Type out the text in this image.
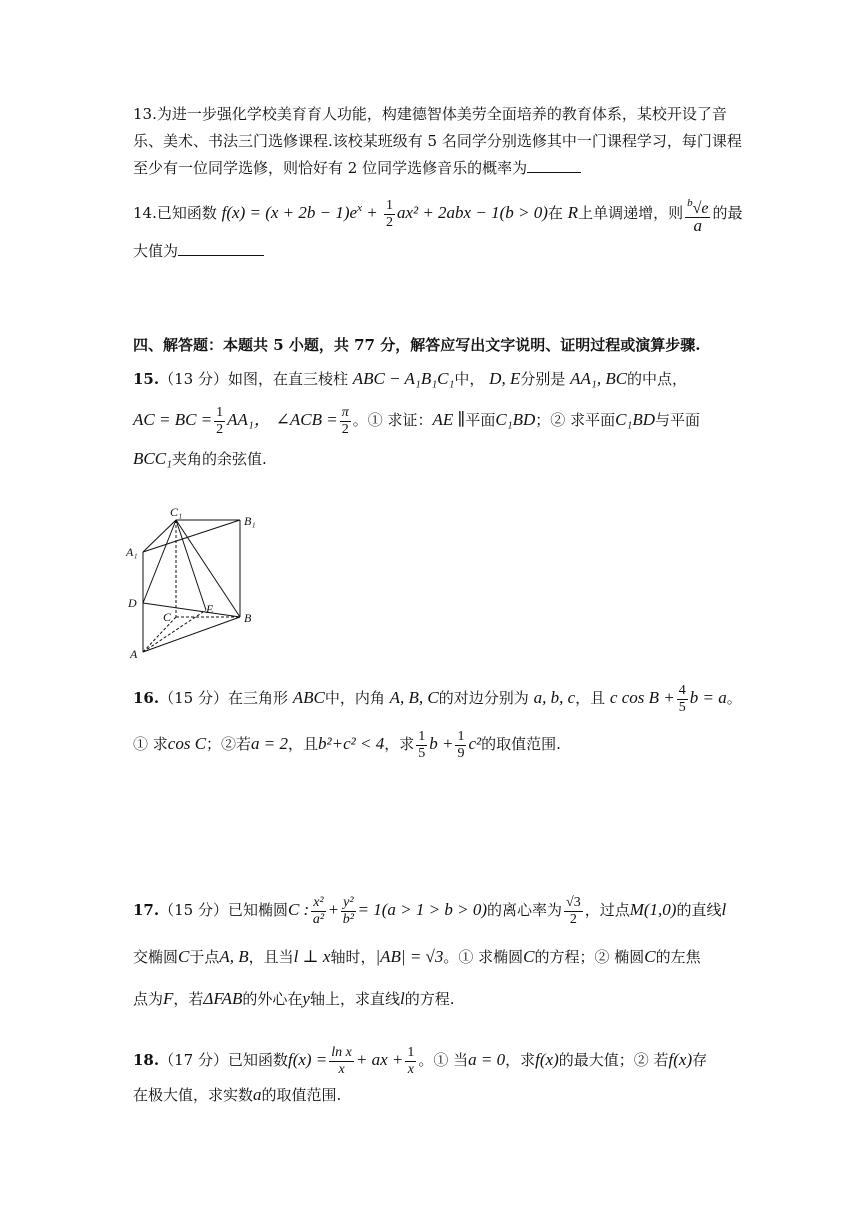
13.为进一步强化学校美育育人功能，构建德智体美劳全面培养的教育体系，某校开设了音
乐、美术、书法三门选修课程.该校某班级有 5 名同学分别选修其中一门课程学习，每门课程
至少有一位同学选修，则恰好有 2 位同学选修音乐的概率为
14.已知函数 $f(x) = (x + 2b - 1)e^x + \frac{1}{2} ax^2 + 2abx - 1(b > 0)$在 R上单调递增，则 $\frac{^b√e}{a}$ 的最
大值为
四、解答题：本题共 5 小题，共 77 分，解答应写出文字说明、证明过程或演算步骤.
15.（13 分）如图，在直三棱柱 ABC − A₁B₁C₁中， D, E分别是 AA₁, BC的中点，
AC = BC = $\frac{1}{2} AA_1$， ∠ACB = $\frac{\pi}{2}$ 。① 求证：AE ∥平面C₁BD；② 求平面C₁BD与平面
BCC₁夹角的余弦值.
C₁
B₁
A₁
D
C
E
B
A
16.（15 分）在三角形 ABC中，内角 A, B, C的对边分别为 a, b, c，且 c $\cos B + \frac{4}{5}$ b = a。
① 求cos C；②若a = 2，且b²+c² < 4，求 $\frac{1}{5}$ $b + \frac{1}{9} c^2$的取值范围.
17.（15 分）已知椭圆C : $\frac{\text{x²}}{\text{a²}} + \frac{\text{y²}}{\text{b²}} = 1(a > 1 > b > 0)$的离心率为 $\frac{√3}{2}$ ，过点M(1,0)的直线l
交椭圆C于点A, B，且当l ⊥ x轴时，|AB| = √3。① 求椭圆C的方程；② 椭圆C的左焦
点为F，若ΔFAB的外心在y轴上，求直线l的方程.
18.（17 分）已知函数$f(x) = \frac{\text{ln x}}{x}$ + ax + $\frac{1}{x}$ 。① 当a = 0，求f(x)的最大值；② 若f(x)存
在极大值，求实数a的取值范围.
